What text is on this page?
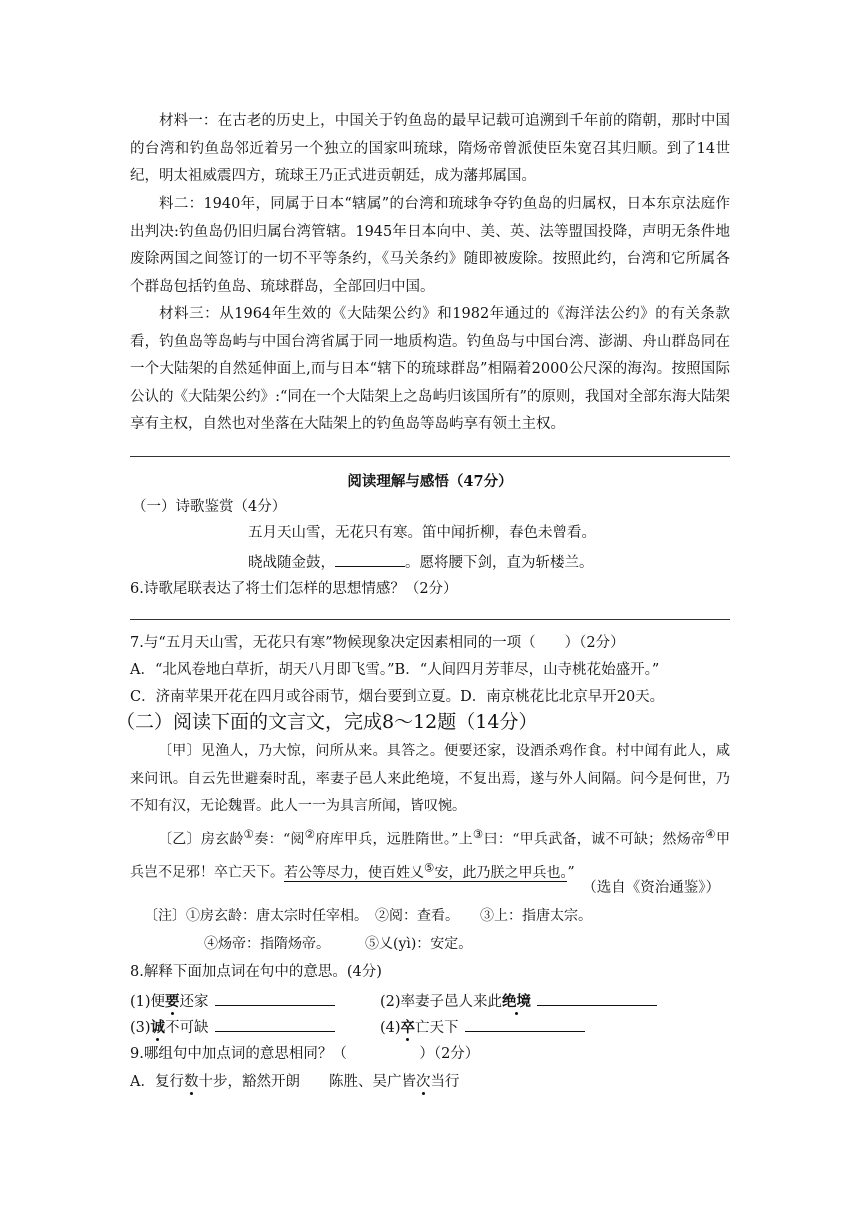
材料一：在古老的历史上，中国关于钓鱼岛的最早记载可追溯到千年前的隋朝，那时中国的台湾和钓鱼岛邻近着另一个独立的国家叫琉球，隋炀帝曾派使臣朱宽召其归顺。到了14世纪，明太祖威震四方，琉球王乃正式进贡朝廷，成为藩邦属国。

料二：1940年，同属于日本“辖属”的台湾和琉球争夺钓鱼岛的归属权，日本东京法庭作出判决:钓鱼岛仍旧归属台湾管辖。1945年日本向中、美、英、法等盟国投降，声明无条件地废除两国之间签订的一切不平等条约，《马关条约》随即被废除。按照此约，台湾和它所属各个群岛包括钓鱼岛、琉球群岛，全部回归中国。

材料三：从1964年生效的《大陆架公约》和1982年通过的《海洋法公约》的有关条款看，钓鱼岛等岛屿与中国台湾省属于同一地质构造。钓鱼岛与中国台湾、澎湖、舟山群岛同在一个大陆架的自然延伸面上,而与日本“辖下的琉球群岛”相隔着2000公尺深的海沟。按照国际公认的《大陆架公约》:“同在一个大陆架上之岛屿归该国所有”的原则，我国对全部东海大陆架享有主权，自然也对坐落在大陆架上的钓鱼岛等岛屿享有领土主权。

阅读理解与感悟（47分）
（一）诗歌鉴赏（4分）
五月天山雪，无花只有寒。笛中闻折柳，春色未曾看。
晓战随金鼓，	。愿将腰下剑，直为斩楼兰。
6.诗歌尾联表达了将士们怎样的思想情感？（2分）
7.与“五月天山雪，无花只有寒”物候现象决定因素相同的一项（　　）（2分）
A．“北风卷地白草折，胡天八月即飞雪。”B．“人间四月芳菲尽，山寺桃花始盛开。”
C．济南苹果开花在四月或谷雨节，烟台要到立夏。D．南京桃花比北京早开20天。
（二）阅读下面的文言文，完成8～12题（14分）

〔甲〕见渔人，乃大惊，问所从来。具答之。便要还家，设酒杀鸡作食。村中闻有此人，咸来问讯。自云先世避秦时乱，率妻子邑人来此绝境，不复出焉，遂与外人间隔。问今是何世，乃不知有汉，无论魏晋。此人一一为具言所闻，皆叹惋。

〔乙〕房玄龄①奏：“阅②府库甲兵，远胜隋世。”上③曰：“甲兵武备，诚不可缺；然炀帝④甲兵岂不足邪！卒亡天下。若公等尽力，使百姓乂⑤安，此乃朕之甲兵也。”

（选自《资治通鉴》）
〔注〕①房玄龄：唐太宗时任宰相。　②阅：查看。　　③上：指唐太宗。
④炀帝：指隋炀帝。　　　⑤乂(yì)：安定。
8.解释下面加点词在句中的意思。(4分)
(1)便要还家	(2)率妻子邑人来此绝境
(3)诚不可缺	(4)卒亡天下
9.哪组句中加点词的意思相同？（　　　　　）（2分）
A．复行数十步，豁然开朗　　陈胜、吴广皆次当行
